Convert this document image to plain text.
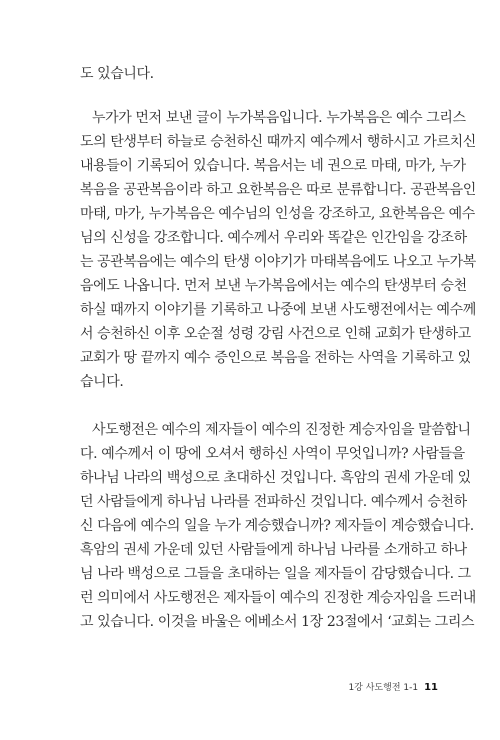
도 있습니다.
누가가 먼저 보낸 글이 누가복음입니다. 누가복음은 예수 그리스
도의 탄생부터 하늘로 승천하신 때까지 예수께서 행하시고 가르치신
내용들이 기록되어 있습니다. 복음서는 네 권으로 마태, 마가, 누가
복음을 공관복음이라 하고 요한복음은 따로 분류합니다. 공관복음인
마태, 마가, 누가복음은 예수님의 인성을 강조하고, 요한복음은 예수
님의 신성을 강조합니다. 예수께서 우리와 똑같은 인간임을 강조하
는 공관복음에는 예수의 탄생 이야기가 마태복음에도 나오고 누가복
음에도 나옵니다. 먼저 보낸 누가복음에서는 예수의 탄생부터 승천
하실 때까지 이야기를 기록하고 나중에 보낸 사도행전에서는 예수께
서 승천하신 이후 오순절 성령 강림 사건으로 인해 교회가 탄생하고
교회가 땅 끝까지 예수 증인으로 복음을 전하는 사역을 기록하고 있
습니다.
사도행전은 예수의 제자들이 예수의 진정한 계승자임을 말씀합니
다. 예수께서 이 땅에 오셔서 행하신 사역이 무엇입니까? 사람들을
하나님 나라의 백성으로 초대하신 것입니다. 흑암의 권세 가운데 있
던 사람들에게 하나님 나라를 전파하신 것입니다. 예수께서 승천하
신 다음에 예수의 일을 누가 계승했습니까? 제자들이 계승했습니다.
흑암의 권세 가운데 있던 사람들에게 하나님 나라를 소개하고 하나
님 나라 백성으로 그들을 초대하는 일을 제자들이 감당했습니다. 그
런 의미에서 사도행전은 제자들이 예수의 진정한 계승자임을 드러내
고 있습니다. 이것을 바울은 에베소서 1장 23절에서 ‘교회는 그리스
1강 사도행전 1-1 11
